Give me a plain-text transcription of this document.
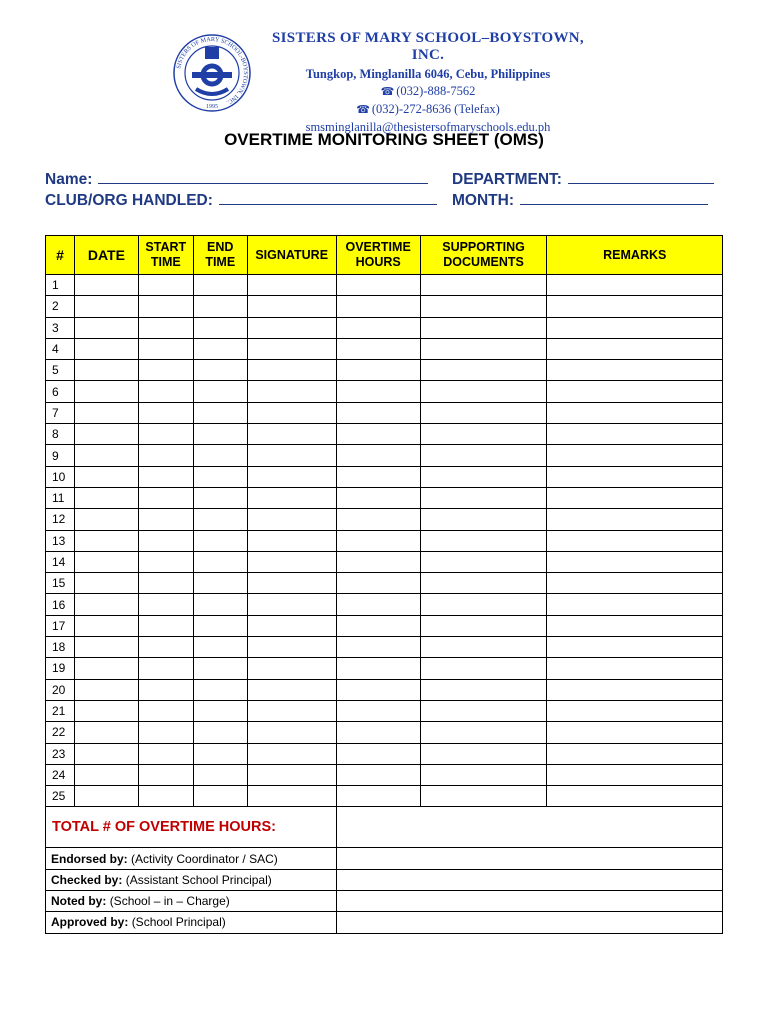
SISTERS OF MARY SCHOOL-BOYSTOWN, INC.
1995
SISTERS OF MARY SCHOOL–BOYSTOWN, INC.
Tungkop, Minglanilla 6046, Cebu, Philippines
☎ (032)-888-7562
☎ (032)-272-8636 (Telefax)
smsminglanilla@thesistersofmaryschools.edu.ph
OVERTIME MONITORING SHEET (OMS)
Name:	DEPARTMENT:
CLUB/ORG HANDLED:	MONTH:
#	DATE	START TIME	END TIME	SIGNATURE	OVERTIME HOURS	SUPPORTING DOCUMENTS	REMARKS
1							
2							
3							
4							
5							
6							
7							
8							
9							
10							
11							
12							
13							
14							
15							
16							
17							
18							
19							
20							
21							
22							
23							
24							
25							
TOTAL # OF OVERTIME HOURS:							
Endorsed by: (Activity Coordinator / SAC)							
Checked by: (Assistant School Principal)							
Noted by: (School – in – Charge)							
Approved by: (School Principal)							
